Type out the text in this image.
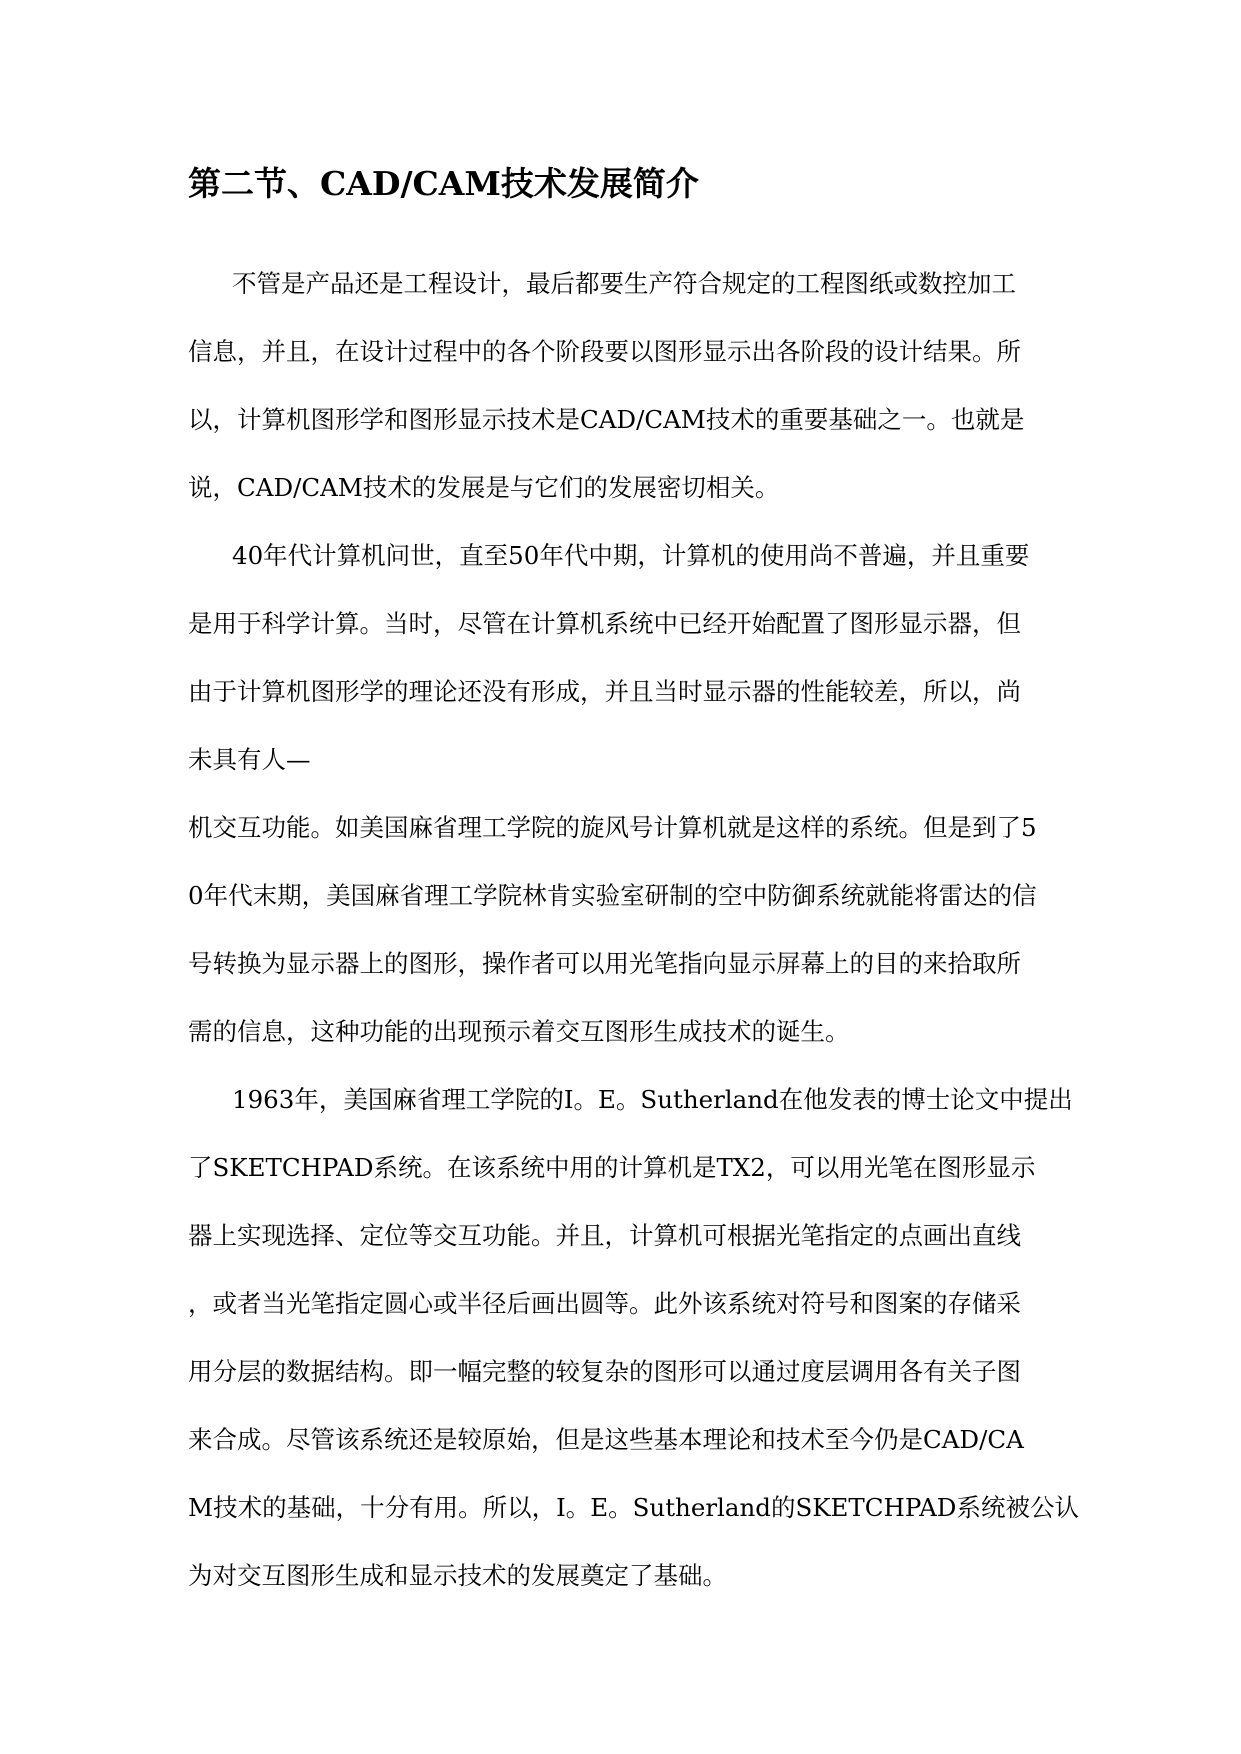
第二节、CAD/CAM技术发展简介

不管是产品还是工程设计，最后都要生产符合规定的工程图纸或数控加工

信息，并且，在设计过程中的各个阶段要以图形显示出各阶段的设计结果。所

以，计算机图形学和图形显示技术是CAD/CAM技术的重要基础之一。也就是

说，CAD/CAM技术的发展是与它们的发展密切相关。

40年代计算机问世，直至50年代中期，计算机的使用尚不普遍，并且重要

是用于科学计算。当时，尽管在计算机系统中已经开始配置了图形显示器，但

由于计算机图形学的理论还没有形成，并且当时显示器的性能较差，所以，尚

未具有人—

机交互功能。如美国麻省理工学院的旋风号计算机就是这样的系统。但是到了5

0年代末期，美国麻省理工学院林肯实验室研制的空中防御系统就能将雷达的信

号转换为显示器上的图形，操作者可以用光笔指向显示屏幕上的目的来拾取所

需的信息，这种功能的出现预示着交互图形生成技术的诞生。

1963年，美国麻省理工学院的I。E。Sutherland在他发表的博士论文中提出

了SKETCHPAD系统。在该系统中用的计算机是TX2，可以用光笔在图形显示

器上实现选择、定位等交互功能。并且，计算机可根据光笔指定的点画出直线

，或者当光笔指定圆心或半径后画出圆等。此外该系统对符号和图案的存储采

用分层的数据结构。即一幅完整的较复杂的图形可以通过度层调用各有关子图

来合成。尽管该系统还是较原始，但是这些基本理论和技术至今仍是CAD/CA

M技术的基础，十分有用。所以，I。E。Sutherland的SKETCHPAD系统被公认

为对交互图形生成和显示技术的发展奠定了基础。
